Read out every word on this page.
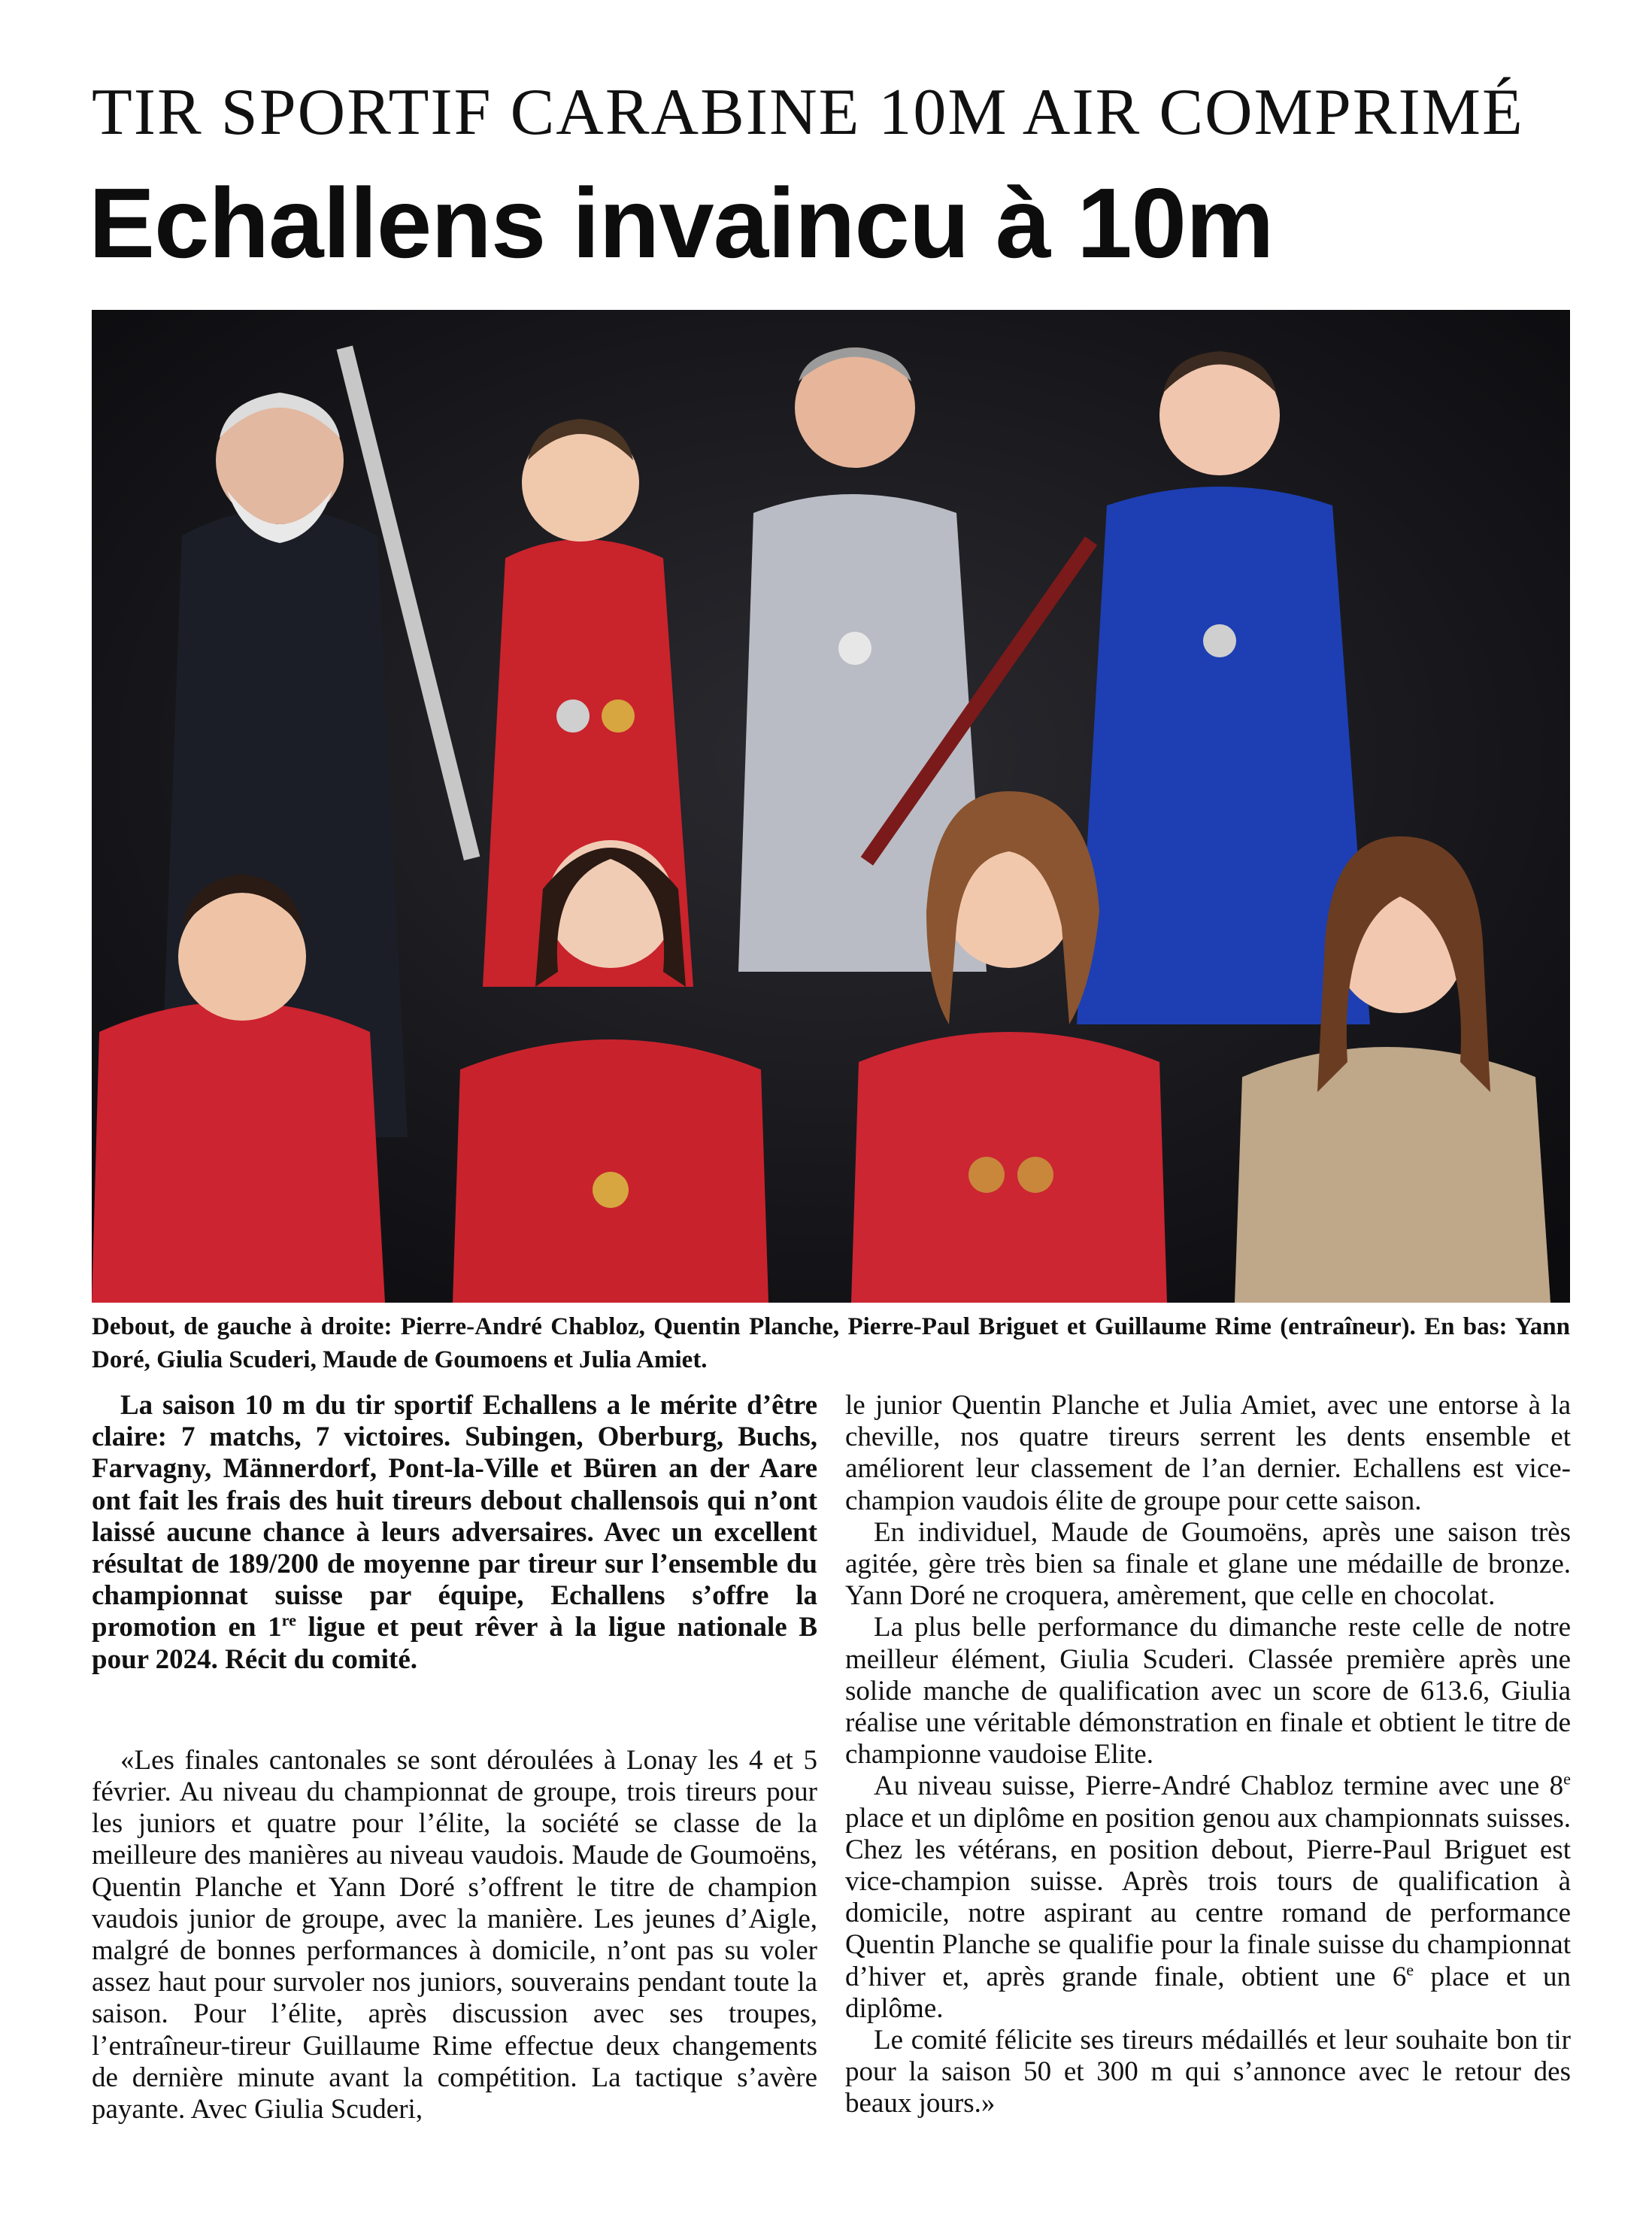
TIR SPORTIF CARABINE 10M AIR COMPRIMÉ
Echallens invaincu à 10m
Debout, de gauche à droite: Pierre-André Chabloz, Quentin Planche, Pierre-Paul Briguet et Guillaume Rime (entraîneur). En bas: Yann Doré, Giulia Scuderi, Maude de Goumoens et Julia Amiet.

La saison 10 m du tir sportif Echallens a le mérite d’être claire: 7 matchs, 7 victoires. Subingen, Oberburg, Buchs, Farvagny, Männerdorf, Pont-la-Ville et Büren an der Aare ont fait les frais des huit tireurs debout challensois qui n’ont laissé aucune chance à leurs adversaires. Avec un excellent résultat de 189/200 de moyenne par tireur sur l’ensemble du championnat suisse par équipe, Echallens s’offre la promotion en 1re ligue et peut rêver à la ligue nationale B pour 2024. Récit du comité.

«Les finales cantonales se sont déroulées à Lonay les 4 et 5 février. Au niveau du championnat de groupe, trois tireurs pour les juniors et quatre pour l’élite, la société se classe de la meilleure des manières au niveau vaudois. Maude de Goumoëns, Quentin Planche et Yann Doré s’offrent le titre de champion vaudois junior de groupe, avec la manière. Les jeunes d’Aigle, malgré de bonnes performances à domicile, n’ont pas su voler assez haut pour survoler nos juniors, souverains pendant toute la saison. Pour l’élite, après discussion avec ses troupes, l’entraîneur-tireur Guillaume Rime effectue deux changements de dernière minute avant la compétition. La tactique s’avère payante. Avec Giulia Scuderi,

le junior Quentin Planche et Julia Amiet, avec une entorse à la cheville, nos quatre tireurs serrent les dents ensemble et améliorent leur classement de l’an dernier. Echallens est vice-champion vaudois élite de groupe pour cette saison.

En individuel, Maude de Goumoëns, après une saison très agitée, gère très bien sa finale et glane une médaille de bronze. Yann Doré ne croquera, amèrement, que celle en chocolat.

La plus belle performance du dimanche reste celle de notre meilleur élément, Giulia Scuderi. Classée première après une solide manche de qualification avec un score de 613.6, Giulia réalise une véritable démonstration en finale et obtient le titre de championne vaudoise Elite.

Au niveau suisse, Pierre-André Chabloz termine avec une 8e place et un diplôme en position genou aux championnats suisses. Chez les vétérans, en position debout, Pierre-Paul Briguet est vice-champion suisse. Après trois tours de qualification à domicile, notre aspirant au centre romand de performance Quentin Planche se qualifie pour la finale suisse du championnat d’hiver et, après grande finale, obtient une 6e place et un diplôme.

Le comité félicite ses tireurs médaillés et leur souhaite bon tir pour la saison 50 et 300 m qui s’annonce avec le retour des beaux jours.»
